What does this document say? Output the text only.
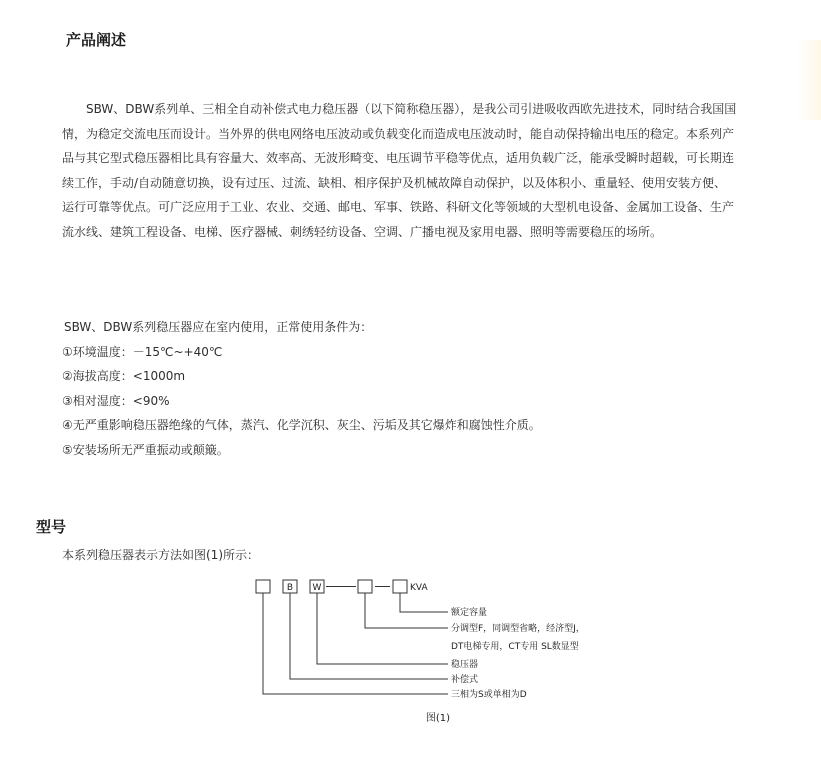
产品阐述
SBW、DBW系列单、三相全自动补偿式电力稳压器（以下简称稳压器），是我公司引进吸收西欧先进技术，同时结合我国国情，为稳定交流电压而设计。当外界的供电网络电压波动或负载变化而造成电压波动时，能自动保持输出电压的稳定。本系列产品与其它型式稳压器相比具有容量大、效率高、无波形畸变、电压调节平稳等优点，适用负载广泛，能承受瞬时超载，可长期连续工作，手动/自动随意切换，设有过压、过流、缺相、相序保护及机械故障自动保护，以及体积小、重量轻、使用安装方便、运行可靠等优点。可广泛应用于工业、农业、交通、邮电、军事、铁路、科研文化等领域的大型机电设备、金属加工设备、生产流水线、建筑工程设备、电梯、医疗器械、刺绣轻纺设备、空调、广播电视及家用电器、照明等需要稳压的场所。
SBW、DBW系列稳压器应在室内使用，正常使用条件为：
①环境温度：－15℃~+40℃
②海拔高度：<1000m
③相对湿度：<90%
④无严重影响稳压器绝缘的气体，蒸汽、化学沉积、灰尘、污垢及其它爆炸和腐蚀性介质。
⑤安装场所无严重振动或颠簸。
型号
本系列稳压器表示方法如图(1)所示：
B W	KVA
额定容量
分调型F，同调型省略，经济型J，
DT电梯专用，CT专用 SL数显型
稳压器
补偿式
三相为S或单相为D
图(1)
